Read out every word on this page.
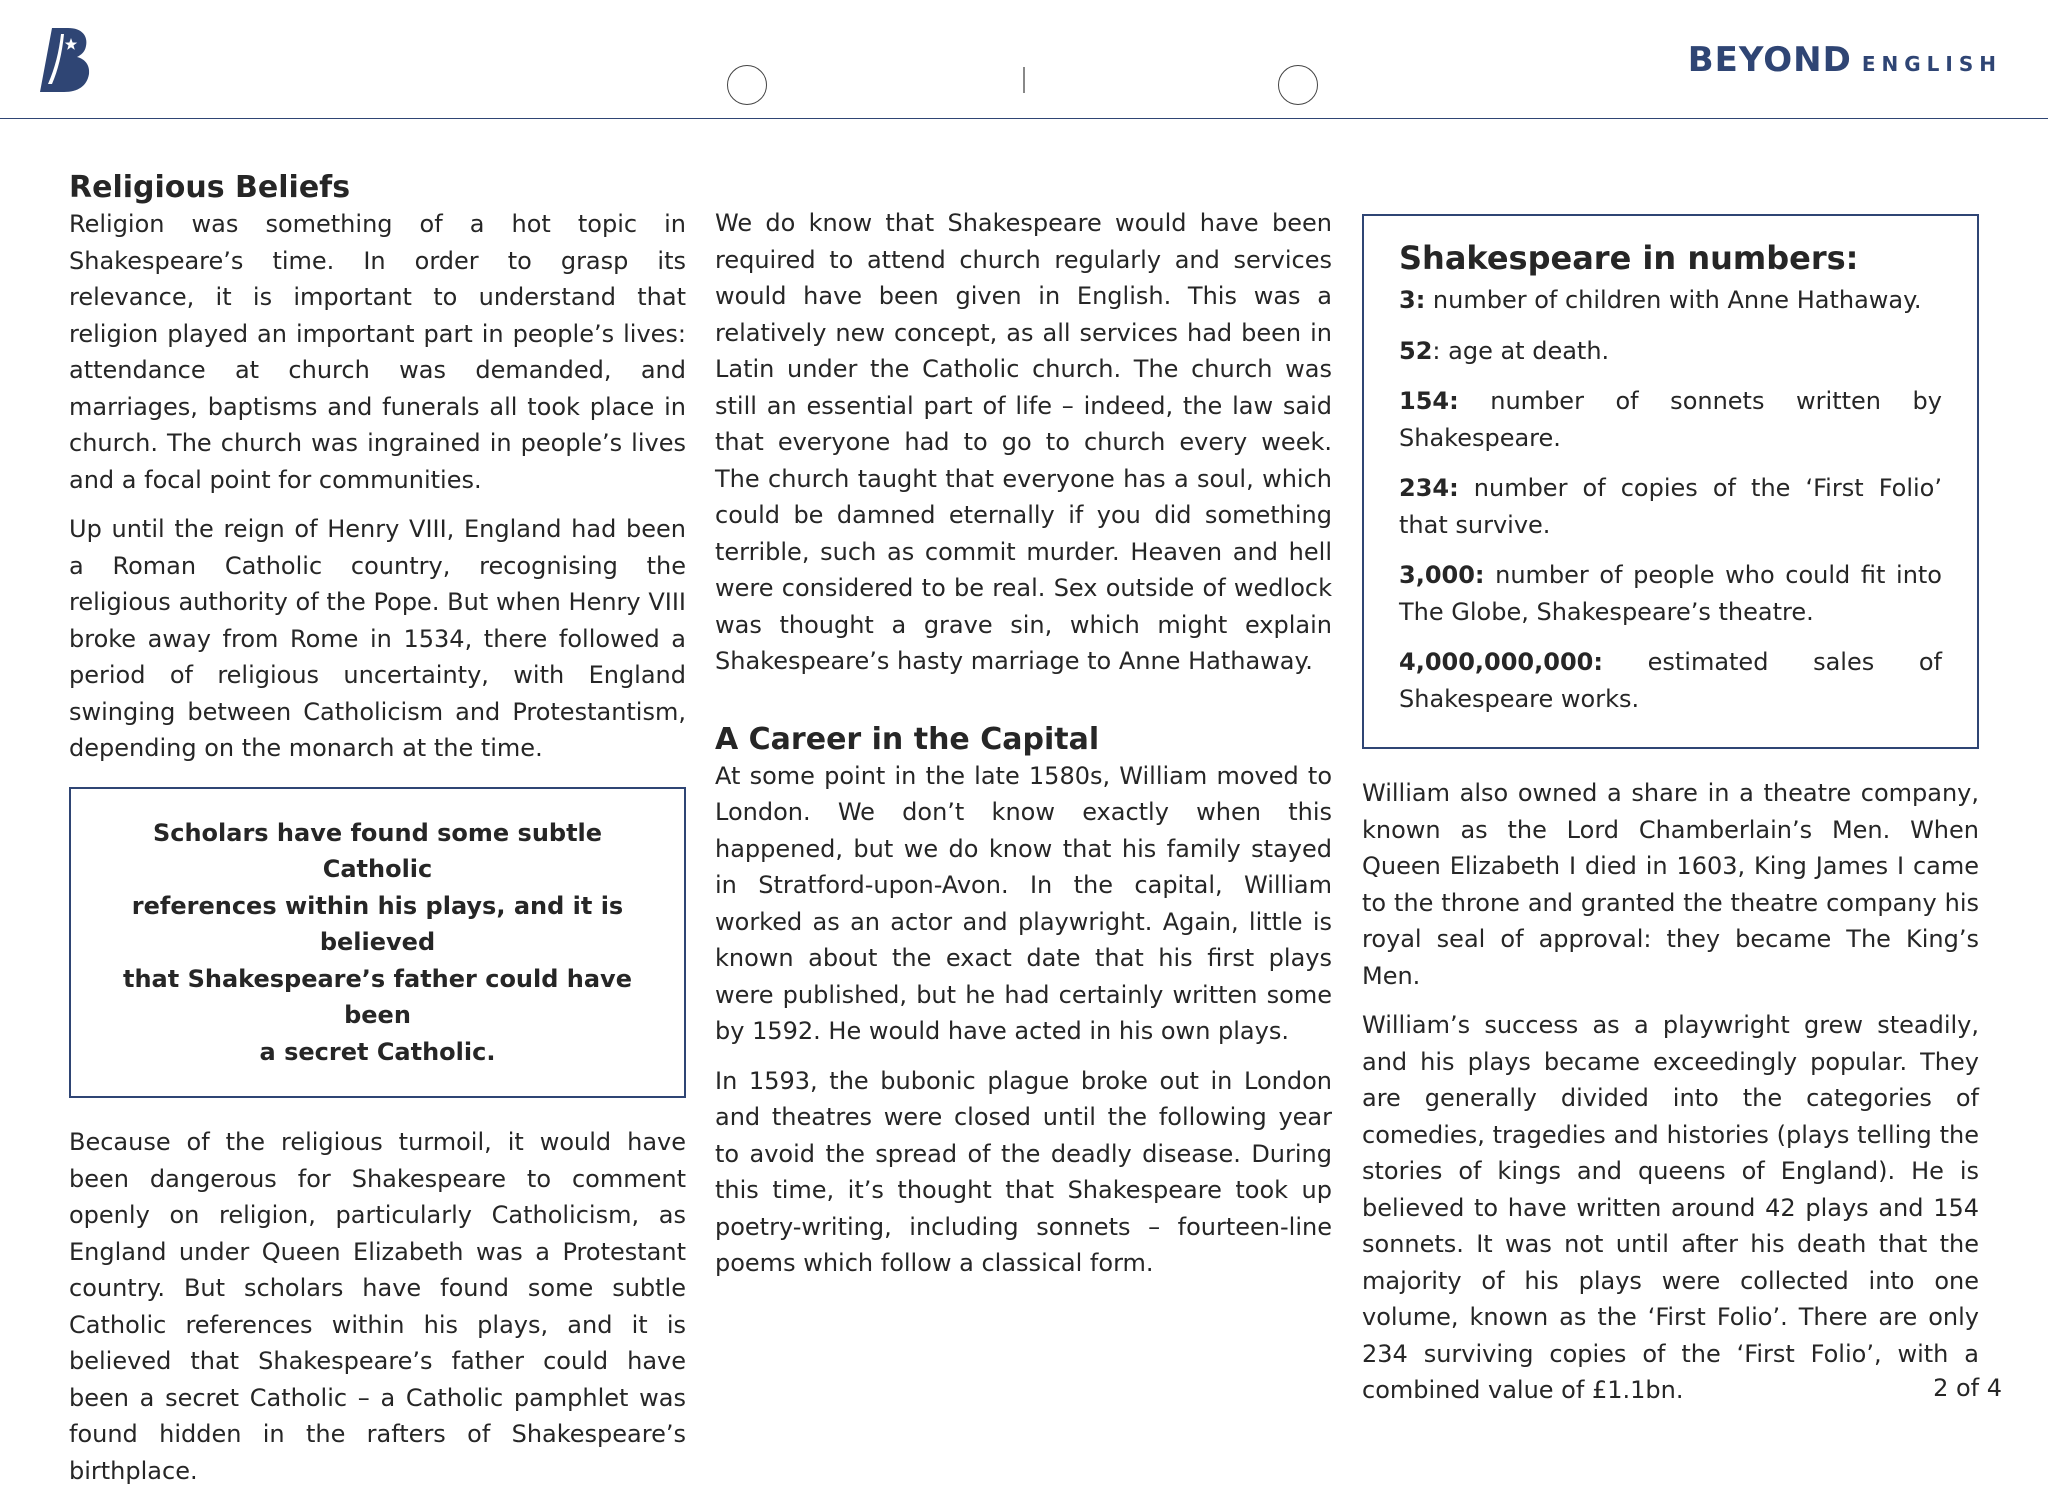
BEYOND ENGLISH
Religious Beliefs

Religion was something of a hot topic in Shakespeare’s time. In order to grasp its relevance, it is important to understand that religion played an important part in people’s lives: attendance at church was demanded, and marriages, baptisms and funerals all took place in church. The church was ingrained in people’s lives and a focal point for communities.

Up until the reign of Henry VIII, England had been a Roman Catholic country, recognising the religious authority of the Pope. But when Henry VIII broke away from Rome in 1534, there followed a period of religious uncertainty, with England swinging between Catholicism and Protestantism, depending on the monarch at the time.

Scholars have found some subtle Catholic
references within his plays, and it is believed
that Shakespeare’s father could have been
a secret Catholic.

Because of the religious turmoil, it would have been dangerous for Shakespeare to comment openly on religion, particularly Catholicism, as England under Queen Elizabeth was a Protestant country. But scholars have found some subtle Catholic references within his plays, and it is believed that Shakespeare’s father could have been a secret Catholic – a Catholic pamphlet was found hidden in the rafters of Shakespeare’s birthplace.

We do know that Shakespeare would have been required to attend church regularly and services would have been given in English. This was a relatively new concept, as all services had been in Latin under the Catholic church. The church was still an essential part of life – indeed, the law said that everyone had to go to church every week. The church taught that everyone has a soul, which could be damned eternally if you did something terrible, such as commit murder. Heaven and hell were considered to be real. Sex outside of wedlock was thought a grave sin, which might explain Shakespeare’s hasty marriage to Anne Hathaway.

A Career in the Capital

At some point in the late 1580s, William moved to London. We don’t know exactly when this happened, but we do know that his family stayed in Stratford-upon-Avon. In the capital, William worked as an actor and playwright. Again, little is known about the exact date that his first plays were published, but he had certainly written some by 1592. He would have acted in his own plays.

In 1593, the bubonic plague broke out in London and theatres were closed until the following year to avoid the spread of the deadly disease. During this time, it’s thought that Shakespeare took up poetry-writing, including sonnets – fourteen-line poems which follow a classical form.

Shakespeare in numbers:

3: number of children with Anne Hathaway.

52: age at death.

154: number of sonnets written by Shakespeare.

234: number of copies of the ‘First Folio’ that survive.

3,000: number of people who could fit into The Globe, Shakespeare’s theatre.

4,000,000,000: estimated sales of Shakespeare works.

William also owned a share in a theatre company, known as the Lord Chamberlain’s Men. When Queen Elizabeth I died in 1603, King James I came to the throne and granted the theatre company his royal seal of approval: they became The King’s Men.

William’s success as a playwright grew steadily, and his plays became exceedingly popular. They are generally divided into the categories of comedies, tragedies and histories (plays telling the stories of kings and queens of England). He is believed to have written around 42 plays and 154 sonnets. It was not until after his death that the majority of his plays were collected into one volume, known as the ‘First Folio’. There are only 234 surviving copies of the ‘First Folio’, with a combined value of £1.1bn.	2 of 4
